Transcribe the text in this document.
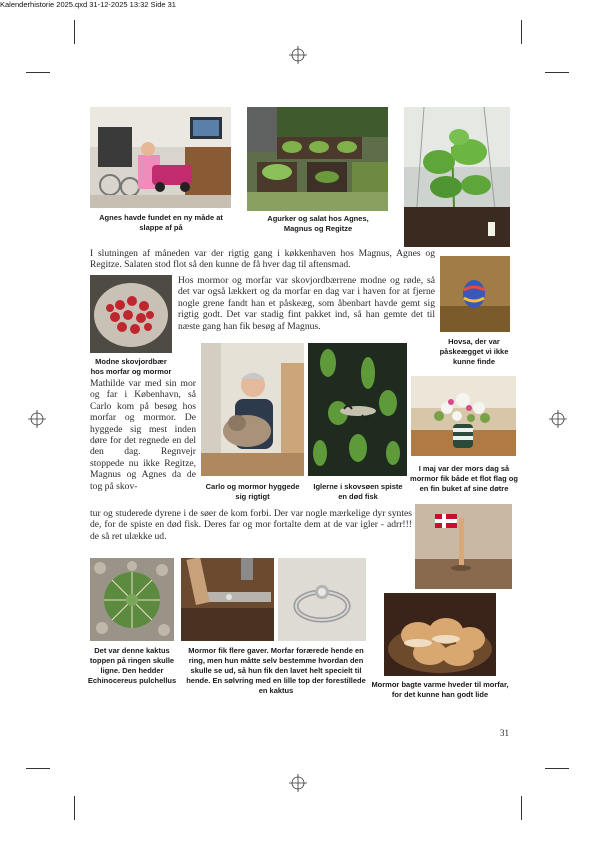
Kalenderhistorie 2025.qxd 31-12-2025 13:32 Side 31
Agnes havde fundet en ny måde at slappe af på
Agurker og salat hos Agnes, Magnus og Regitze
I slutningen af måneden var der rigtig gang i køkkenhaven hos Magnus, Agnes og Regitze. Salaten stod flot så den kunne de få hver dag til aftensmad.
Hovsa, der var påskeægget vi ikke kunne finde
Modne skovjordbær hos morfar og mormor
Hos mormor og morfar var skovjordbærrene modne og røde, så det var også lækkert og da morfar en dag var i haven for at fjerne nogle grene fandt han et påskeæg, som åbenbart havde gemt sig rigtig godt. Det var stadig fint pakket ind, så han gemte det til næste gang han fik besøg af Magnus.
Carlo og mormor hyggede sig rigtigt
Iglerne i skovsøen spiste en død fisk
I maj var der mors dag så mormor fik både et flot flag og en fin buket af sine døtre
Mathilde var med sin mor og far i København, så Carlo kom på besøg hos morfar og mormor. De hyggede sig mest inden døre for det regnede en del den dag. Regnvejr stoppede nu ikke Regitze, Magnus og Agnes da de tog på skov-
tur og studerede dyrene i de søer de kom forbi. Der var nogle mærkelige dyr syntes de, for de spiste en død fisk. Deres far og mor fortalte dem at de var igler - adrr!!! de så ret ulække ud.
Det var denne kaktus toppen på ringen skulle ligne. Den hedder Echinocereus pulchellus
Mormor fik flere gaver. Morfar forærede hende en ring, men hun måtte selv bestemme hvordan den skulle se ud, så hun fik den lavet helt specielt til hende. En sølvring med en lille top der forestillede en kaktus
Mormor bagte varme hveder til morfar, for det kunne han godt lide
31
